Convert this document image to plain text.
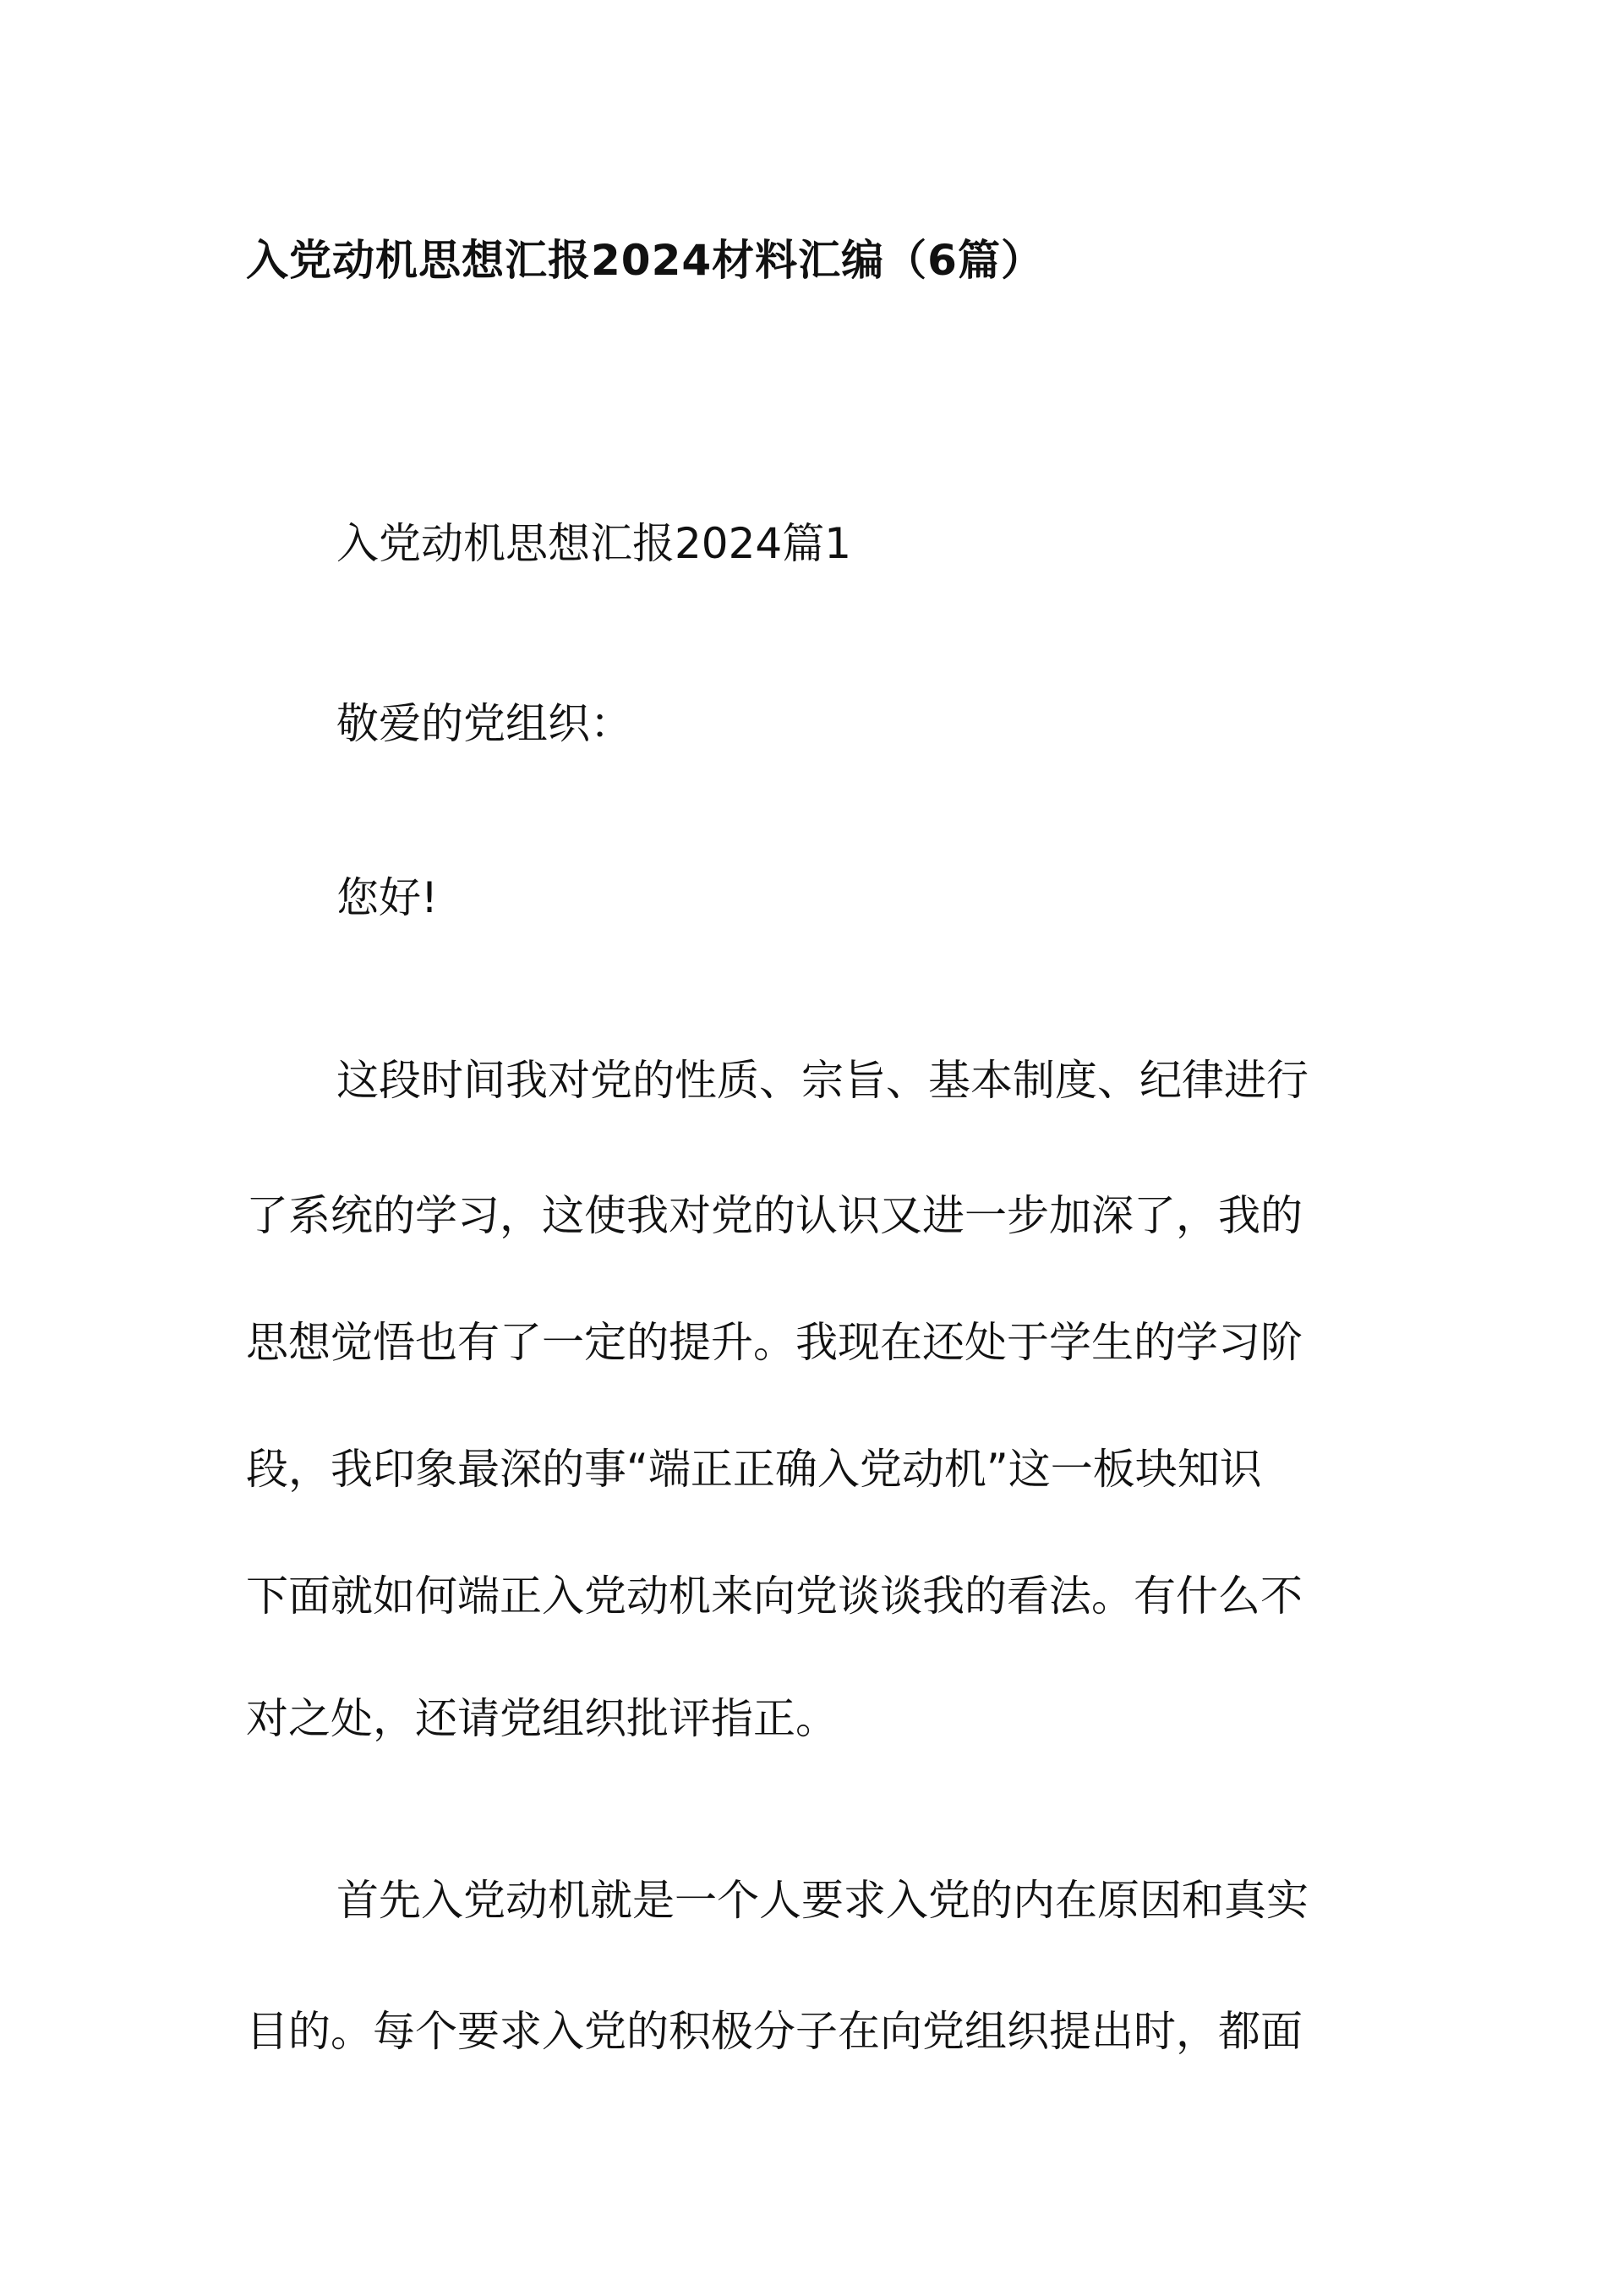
入党动机思想汇报2024材料汇编（6篇）

入党动机思想汇报2024篇1

敬爱的党组织：

您好!

这段时间我对党的性质、宗旨、基本制度、纪律进行

了系统的学习，这使我对党的认识又进一步加深了，我的

思想觉悟也有了一定的提升。我现在还处于学生的学习阶

段，我印象最深的事“端正正确入党动机”这一板块知识

下面就如何端正入党动机来向党谈谈我的看法。有什么不

对之处，还请党组织批评指正。

首先入党动机就是一个人要求入党的内在原因和真实

目的。每个要求入党的积极分子在向党组织提出时，都面
